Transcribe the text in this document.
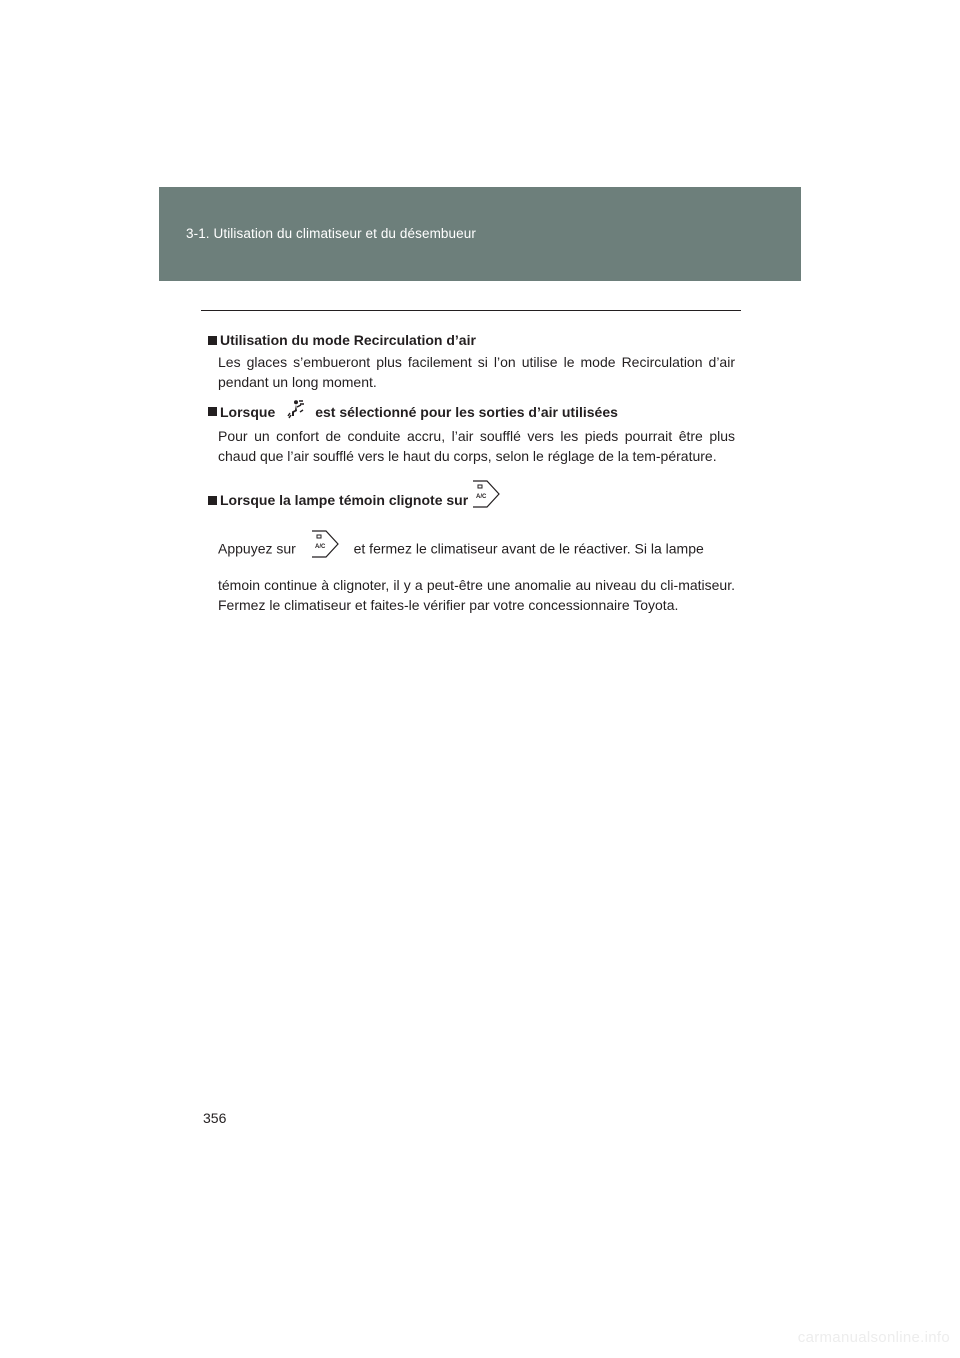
3-1. Utilisation du climatiseur et du désembueur

Utilisation du mode Recirculation d’air

Les glaces s’embueront plus facilement si l’on utilise le mode Recirculation d’air pendant un long moment.

Lorsque	est sélectionné pour les sorties d’air utilisées

Pour un confort de conduite accru, l’air soufflé vers les pieds pourrait être plus chaud que l’air soufflé vers le haut du corps, selon le réglage de la tem-pérature.

Lorsque la lampe témoin clignote sur A/C

Appuyez sur	A/C et fermez le climatiseur avant de le réactiver. Si la lampe

témoin continue à clignoter, il y a peut-être une anomalie au niveau du cli-matiseur. Fermez le climatiseur et faites-le vérifier par votre concessionnaire Toyota.

356
carmanualsonline.info
